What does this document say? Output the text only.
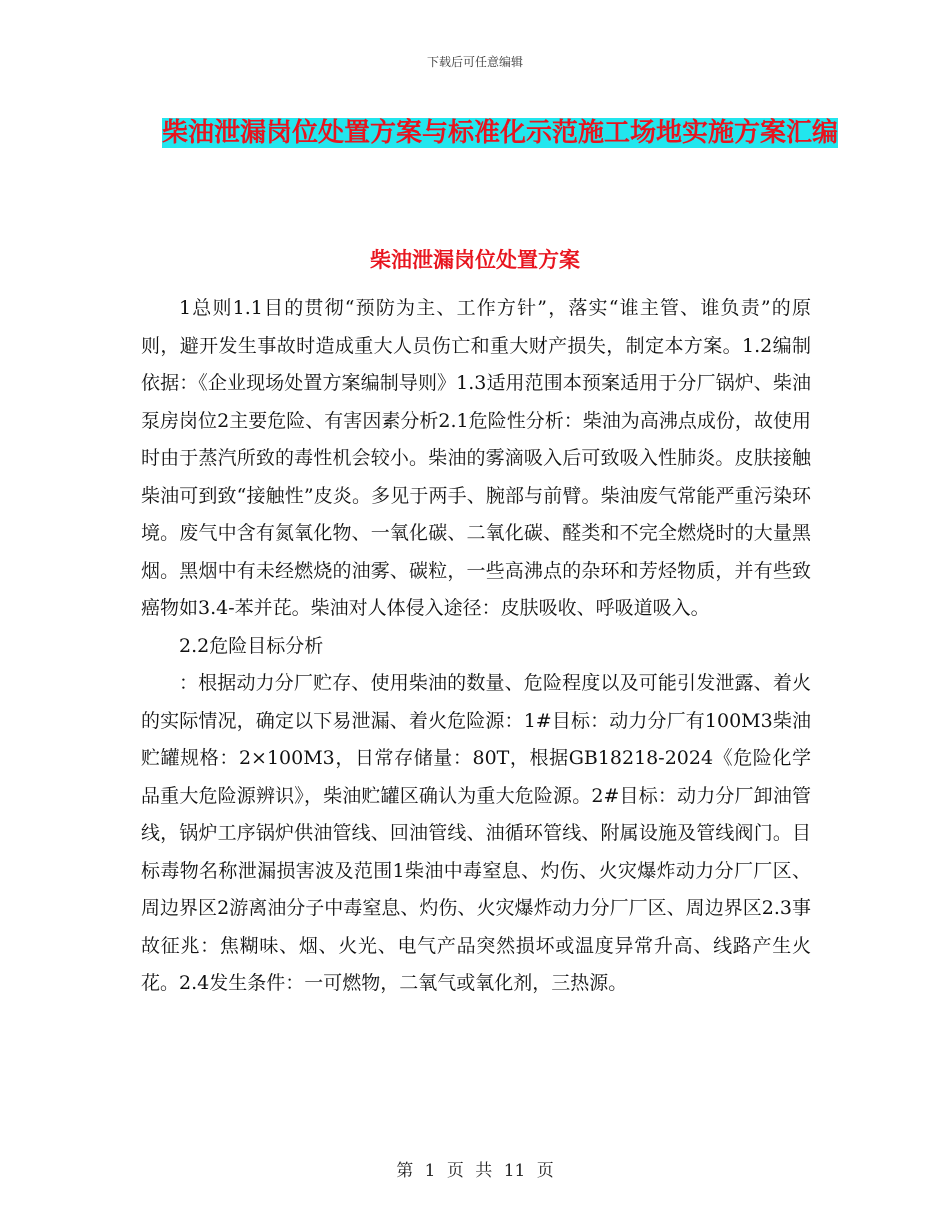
下载后可任意编辑
柴油泄漏岗位处置方案与标准化示范施工场地实施方案汇编
柴油泄漏岗位处置方案

1总则1.1目的贯彻“预防为主、工作方针”，落实“谁主管、谁负责”的原则，避开发生事故时造成重大人员伤亡和重大财产损失，制定本方案。1.2编制依据：《企业现场处置方案编制导则》1.3适用范围本预案适用于分厂锅炉、柴油泵房岗位2主要危险、有害因素分析2.1危险性分析：柴油为高沸点成份，故使用时由于蒸汽所致的毒性机会较小。柴油的雾滴吸入后可致吸入性肺炎。皮肤接触柴油可到致“接触性”皮炎。多见于两手、腕部与前臂。柴油废气常能严重污染环境。废气中含有氮氧化物、一氧化碳、二氧化碳、醛类和不完全燃烧时的大量黑烟。黑烟中有未经燃烧的油雾、碳粒，一些高沸点的杂环和芳烃物质，并有些致癌物如3.4-苯并芘。柴油对人体侵入途径：皮肤吸收、呼吸道吸入。

2.2危险目标分析

：根据动力分厂贮存、使用柴油的数量、危险程度以及可能引发泄露、着火的实际情况，确定以下易泄漏、着火危险源：1#目标：动力分厂有100M3柴油贮罐规格：2×100M3，日常存储量：80T，根据GB18218-2024《危险化学品重大危险源辨识》，柴油贮罐区确认为重大危险源。2#目标：动力分厂卸油管线，锅炉工序锅炉供油管线、回油管线、油循环管线、附属设施及管线阀门。目标毒物名称泄漏损害波及范围1柴油中毒窒息、灼伤、火灾爆炸动力分厂厂区、周边界区2游离油分子中毒窒息、灼伤、火灾爆炸动力分厂厂区、周边界区2.3事故征兆：焦糊味、烟、火光、电气产品突然损坏或温度异常升高、线路产生火花。2.4发生条件：一可燃物，二氧气或氧化剂，三热源。

第 1 页 共 11 页
